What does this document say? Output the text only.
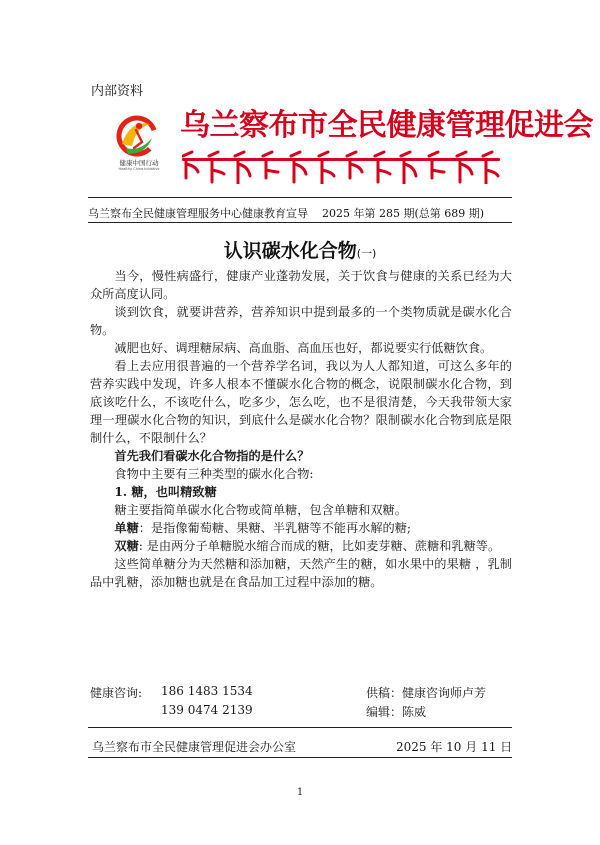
内部资料
健康中国行动
Healthy China Initiative
乌兰察布市全民健康管理促进会
乌兰察布全民健康管理服务中心健康教育宣导 2025 年第 285 期(总第 689 期)
认识碳水化合物(一)

当今，慢性病盛行，健康产业蓬勃发展，关于饮食与健康的关系已经为大众所高度认同。

谈到饮食，就要讲营养，营养知识中提到最多的一个类物质就是碳水化合物。

减肥也好、调理糖尿病、高血脂、高血压也好，都说要实行低糖饮食。

看上去应用很普遍的一个营养学名词，我以为人人都知道，可这么多年的营养实践中发现，许多人根本不懂碳水化合物的概念，说限制碳水化合物，到底该吃什么，不该吃什么，吃多少，怎么吃，也不是很清楚，今天我带领大家理一理碳水化合物的知识，到底什么是碳水化合物？限制碳水化合物到底是限制什么，不限制什么？

首先我们看碳水化合物指的是什么？

食物中主要有三种类型的碳水化合物:

1. 糖，也叫精致糖

糖主要指简单碳水化合物或简单糖，包含单糖和双糖。

单糖：是指像葡萄糖、果糖、半乳糖等不能再水解的糖;

双糖: 是由两分子单糖脱水缩合而成的糖，比如麦芽糖、蔗糖和乳糖等。

这些简单糖分为天然糖和添加糖，天然产生的糖，如水果中的果糖 ，乳制品中乳糖，添加糖也就是在食品加工过程中添加的糖。

健康咨询: 186 1483 1534
139 0474 2139
供稿：健康咨询师卢芳
编辑：陈威
乌兰察布市全民健康管理促进会办公室	2025 年 10 月 11 日
1
